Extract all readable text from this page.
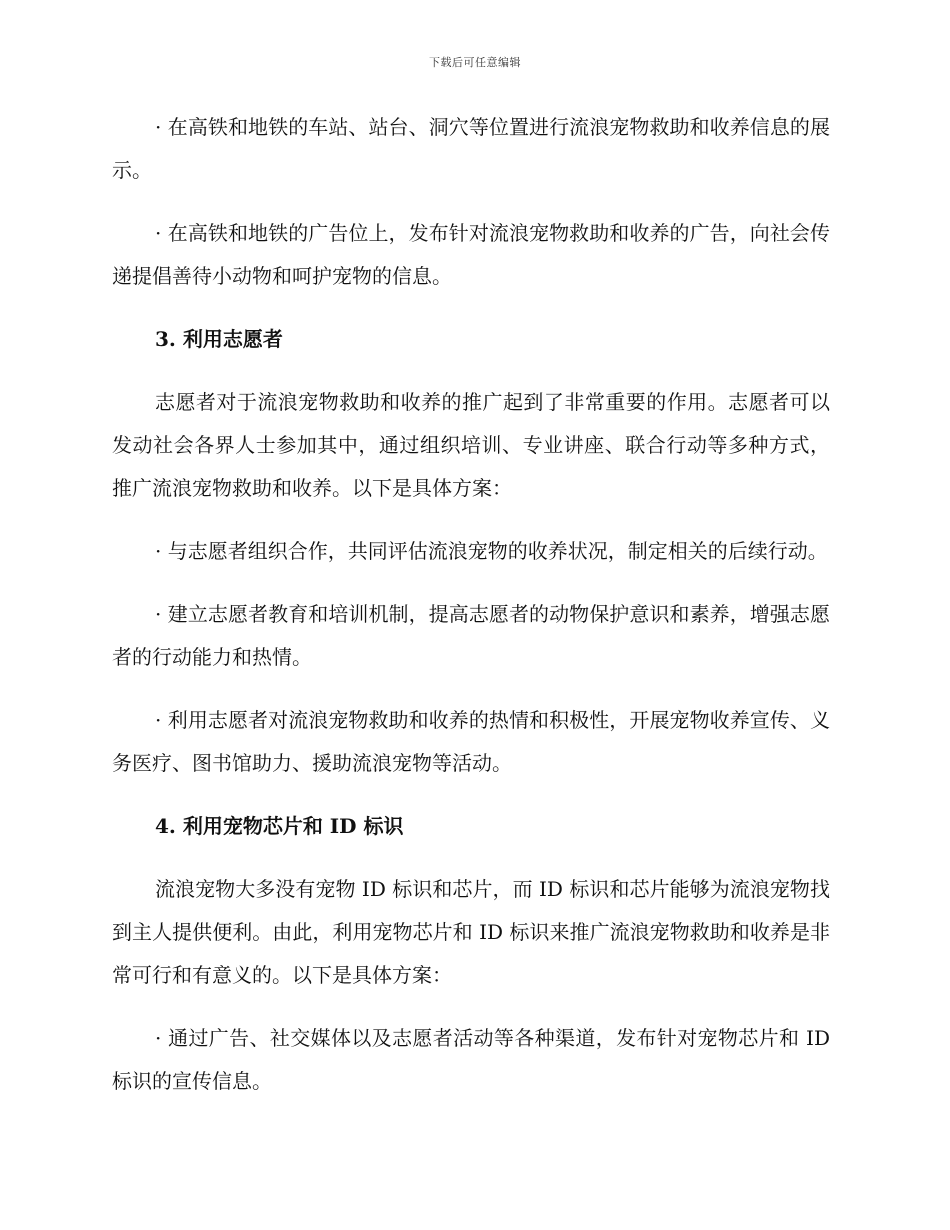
下载后可任意编辑

· 在高铁和地铁的车站、站台、洞穴等位置进行流浪宠物救助和收养信息的展示。

· 在高铁和地铁的广告位上，发布针对流浪宠物救助和收养的广告，向社会传递提倡善待小动物和呵护宠物的信息。

3. 利用志愿者

志愿者对于流浪宠物救助和收养的推广起到了非常重要的作用。志愿者可以发动社会各界人士参加其中，通过组织培训、专业讲座、联合行动等多种方式，推广流浪宠物救助和收养。以下是具体方案：

· 与志愿者组织合作，共同评估流浪宠物的收养状况，制定相关的后续行动。

· 建立志愿者教育和培训机制，提高志愿者的动物保护意识和素养，增强志愿者的行动能力和热情。

· 利用志愿者对流浪宠物救助和收养的热情和积极性，开展宠物收养宣传、义务医疗、图书馆助力、援助流浪宠物等活动。

4. 利用宠物芯片和 ID 标识

流浪宠物大多没有宠物 ID 标识和芯片，而 ID 标识和芯片能够为流浪宠物找到主人提供便利。由此，利用宠物芯片和 ID 标识来推广流浪宠物救助和收养是非常可行和有意义的。以下是具体方案：

· 通过广告、社交媒体以及志愿者活动等各种渠道，发布针对宠物芯片和 ID 标识的宣传信息。
